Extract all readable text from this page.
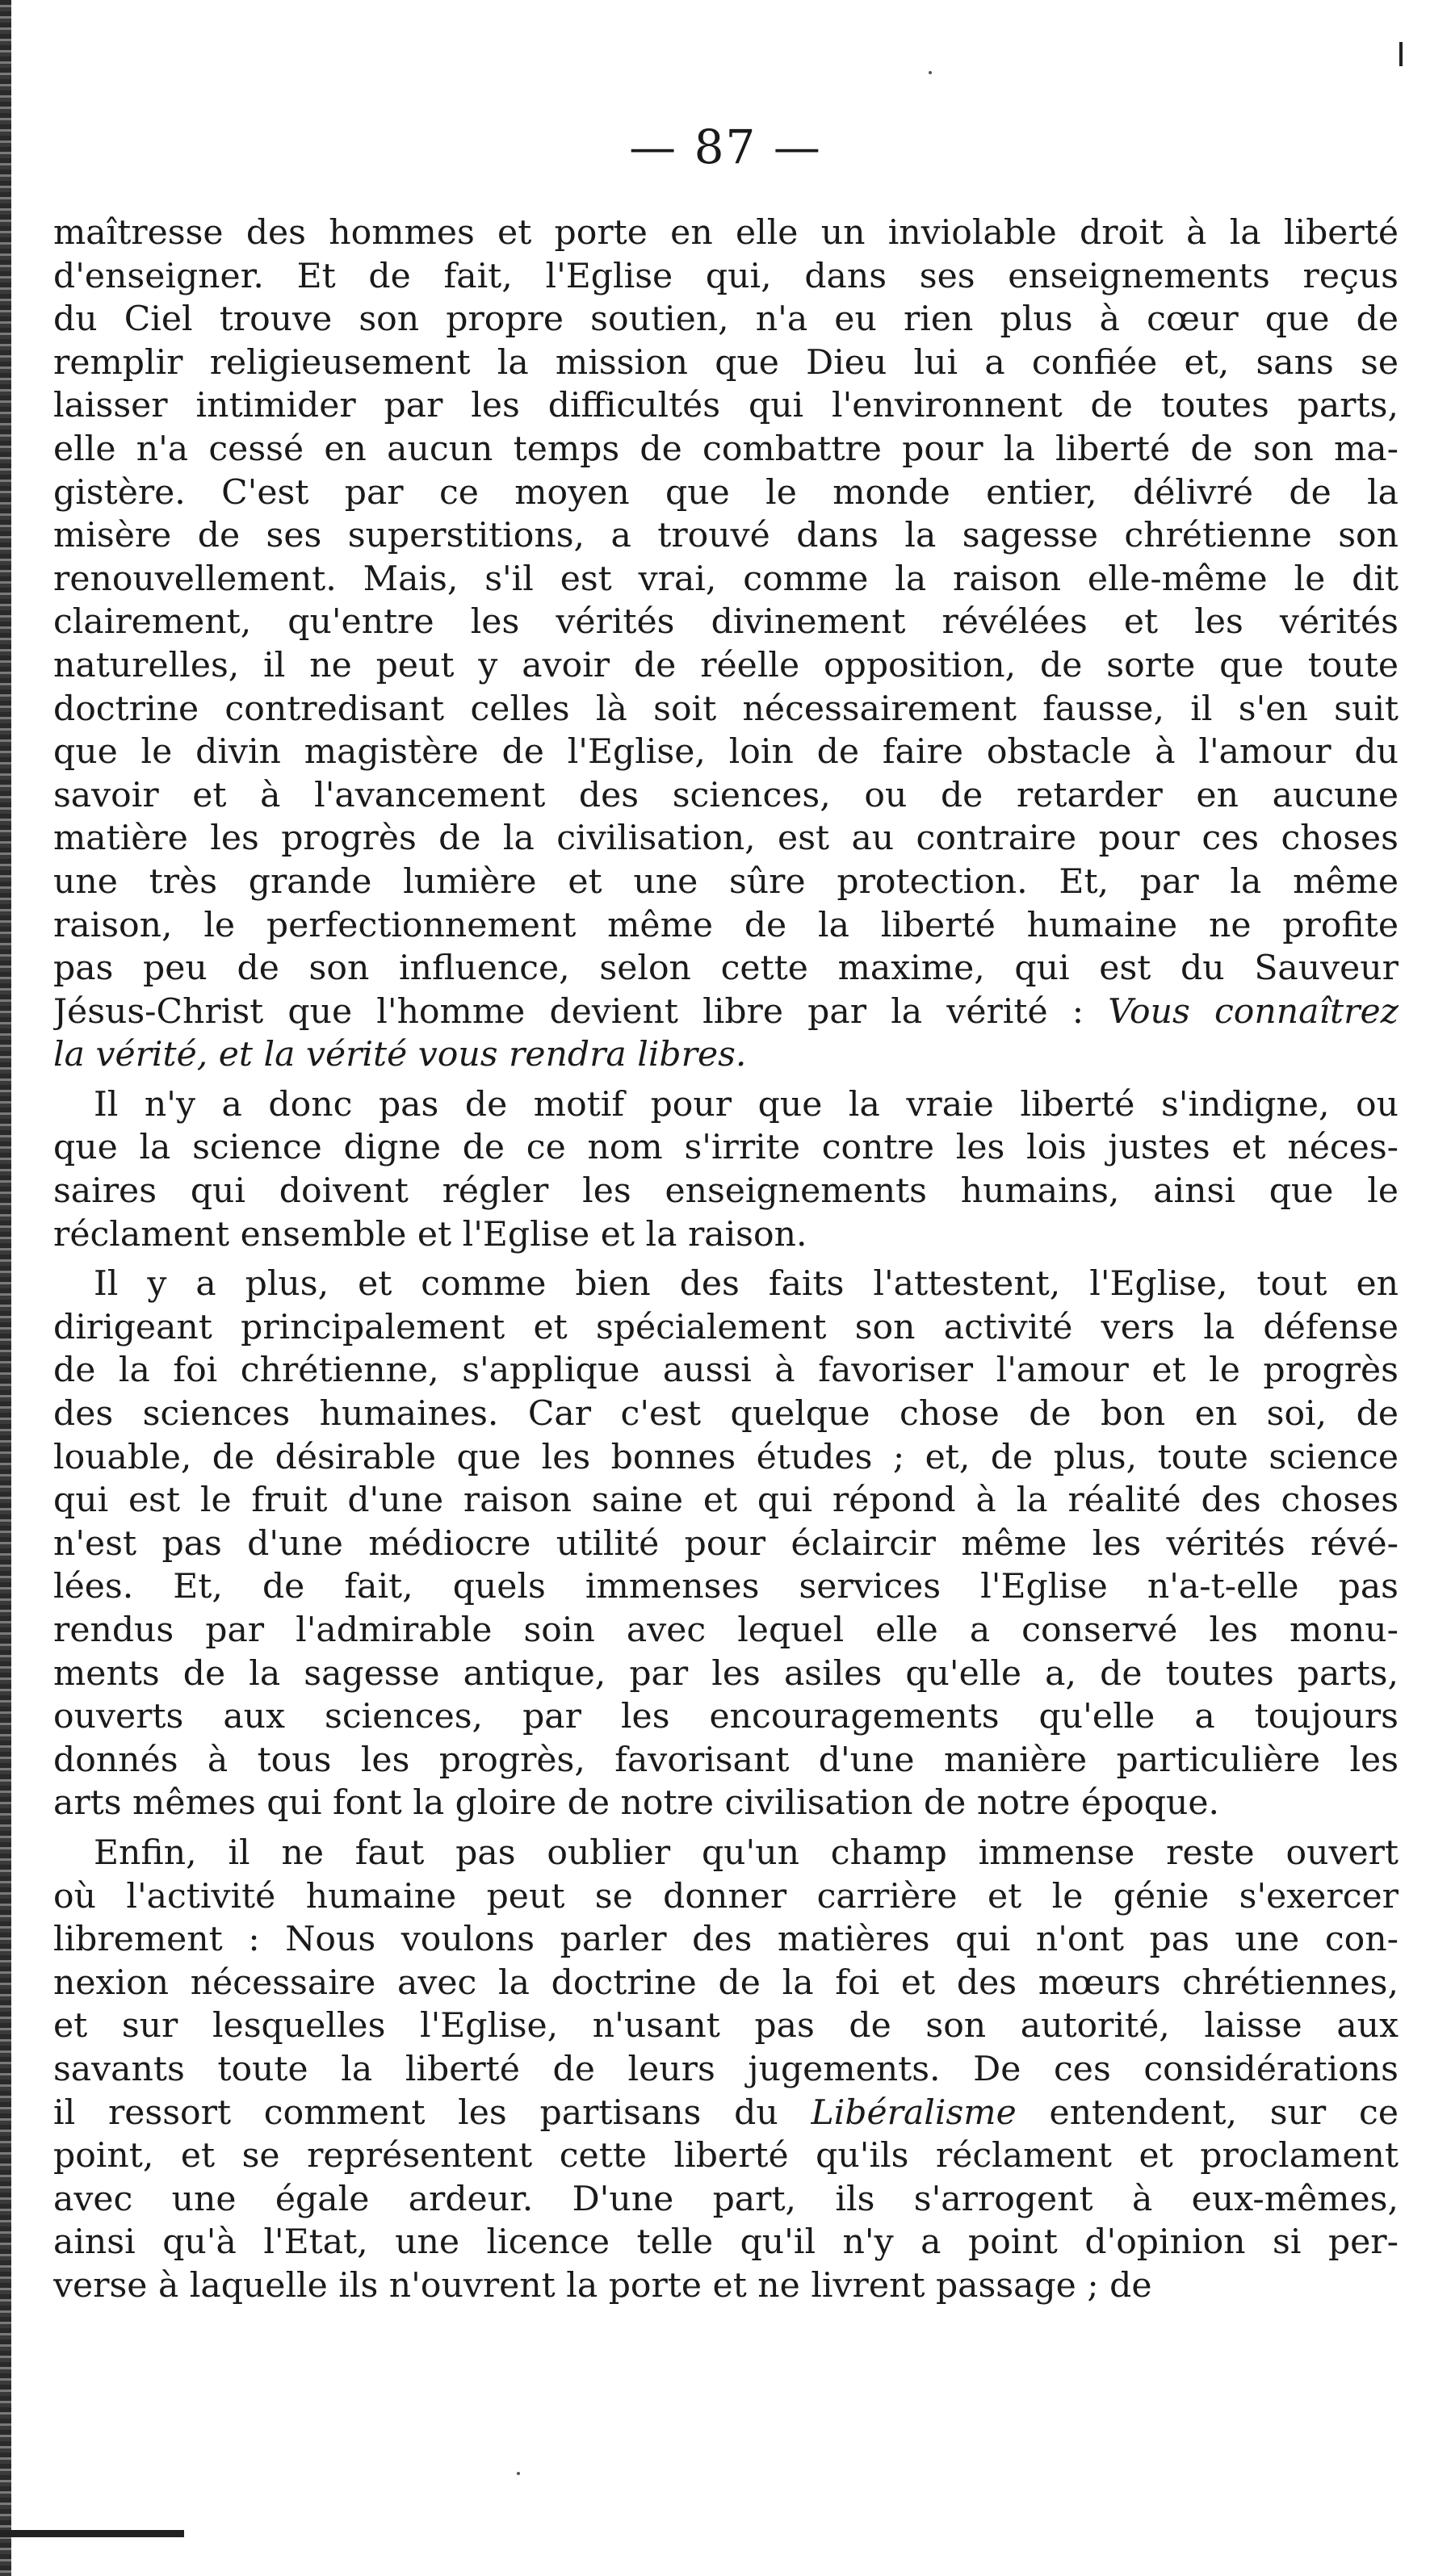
— 87 —
maîtresse des hommes et porte en elle un inviolable droit à la liberté
d'enseigner. Et de fait, l'Eglise qui, dans ses enseignements reçus
du Ciel trouve son propre soutien, n'a eu rien plus à cœur que de
remplir religieusement la mission que Dieu lui a confiée et, sans se
laisser intimider par les difficultés qui l'environnent de toutes parts,
elle n'a cessé en aucun temps de combattre pour la liberté de son ma-
gistère. C'est par ce moyen que le monde entier, délivré de la
misère de ses superstitions, a trouvé dans la sagesse chrétienne son
renouvellement. Mais, s'il est vrai, comme la raison elle-même le dit
clairement, qu'entre les vérités divinement révélées et les vérités
naturelles, il ne peut y avoir de réelle opposition, de sorte que toute
doctrine contredisant celles là soit nécessairement fausse, il s'en suit
que le divin magistère de l'Eglise, loin de faire obstacle à l'amour du
savoir et à l'avancement des sciences, ou de retarder en aucune
matière les progrès de la civilisation, est au contraire pour ces choses
une très grande lumière et une sûre protection. Et, par la même
raison, le perfectionnement même de la liberté humaine ne profite
pas peu de son influence, selon cette maxime, qui est du Sauveur
Jésus-Christ que l'homme devient libre par la vérité : Vous connaîtrez
la vérité, et la vérité vous rendra libres.
Il n'y a donc pas de motif pour que la vraie liberté s'indigne, ou
que la science digne de ce nom s'irrite contre les lois justes et néces-
saires qui doivent régler les enseignements humains, ainsi que le
réclament ensemble et l'Eglise et la raison.
Il y a plus, et comme bien des faits l'attestent, l'Eglise, tout en
dirigeant principalement et spécialement son activité vers la défense
de la foi chrétienne, s'applique aussi à favoriser l'amour et le progrès
des sciences humaines. Car c'est quelque chose de bon en soi, de
louable, de désirable que les bonnes études ; et, de plus, toute science
qui est le fruit d'une raison saine et qui répond à la réalité des choses
n'est pas d'une médiocre utilité pour éclaircir même les vérités révé-
lées. Et, de fait, quels immenses services l'Eglise n'a-t-elle pas
rendus par l'admirable soin avec lequel elle a conservé les monu-
ments de la sagesse antique, par les asiles qu'elle a, de toutes parts,
ouverts aux sciences, par les encouragements qu'elle a toujours
donnés à tous les progrès, favorisant d'une manière particulière les
arts mêmes qui font la gloire de notre civilisation de notre époque.
Enfin, il ne faut pas oublier qu'un champ immense reste ouvert
où l'activité humaine peut se donner carrière et le génie s'exercer
librement : Nous voulons parler des matières qui n'ont pas une con-
nexion nécessaire avec la doctrine de la foi et des mœurs chrétiennes,
et sur lesquelles l'Eglise, n'usant pas de son autorité, laisse aux
savants toute la liberté de leurs jugements. De ces considérations
il ressort comment les partisans du Libéralisme entendent, sur ce
point, et se représentent cette liberté qu'ils réclament et proclament
avec une égale ardeur. D'une part, ils s'arrogent à eux-mêmes,
ainsi qu'à l'Etat, une licence telle qu'il n'y a point d'opinion si per-
verse à laquelle ils n'ouvrent la porte et ne livrent passage ; de
